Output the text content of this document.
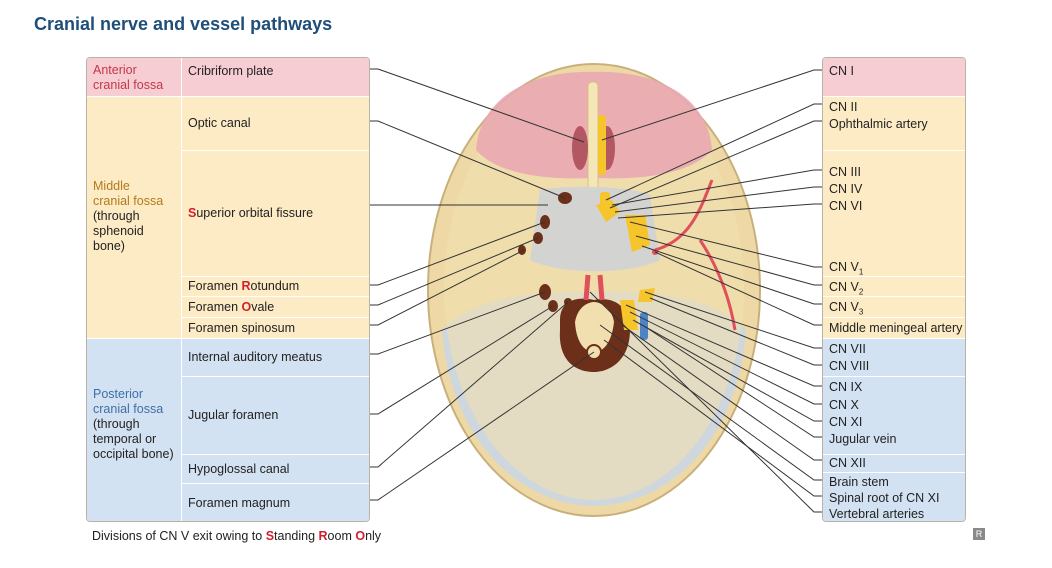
Cranial nerve and vessel pathways
Anterior
cranial fossa
Cribriform plate
Middle
cranial fossa
(through
sphenoid bone)
Optic canal
Superior orbital fissure
Foramen Rotundum
Foramen Ovale
Foramen spinosum
Posterior
cranial fossa
(through
temporal or
occipital bone)
Internal auditory meatus
Jugular foramen
Hypoglossal canal
Foramen magnum
CN I
CN II
Ophthalmic artery
CN III
CN IV
CN VI
CN $V_1$
CN $V_2$
CN $V_3$
Middle meningeal artery
CN VII
CN VIII
CN IX
CN X
CN XI
Jugular vein
CN XII
Brain stem
Spinal root of CN XI
Vertebral arteries
Divisions of CN V exit owing to Standing Room Only	R
